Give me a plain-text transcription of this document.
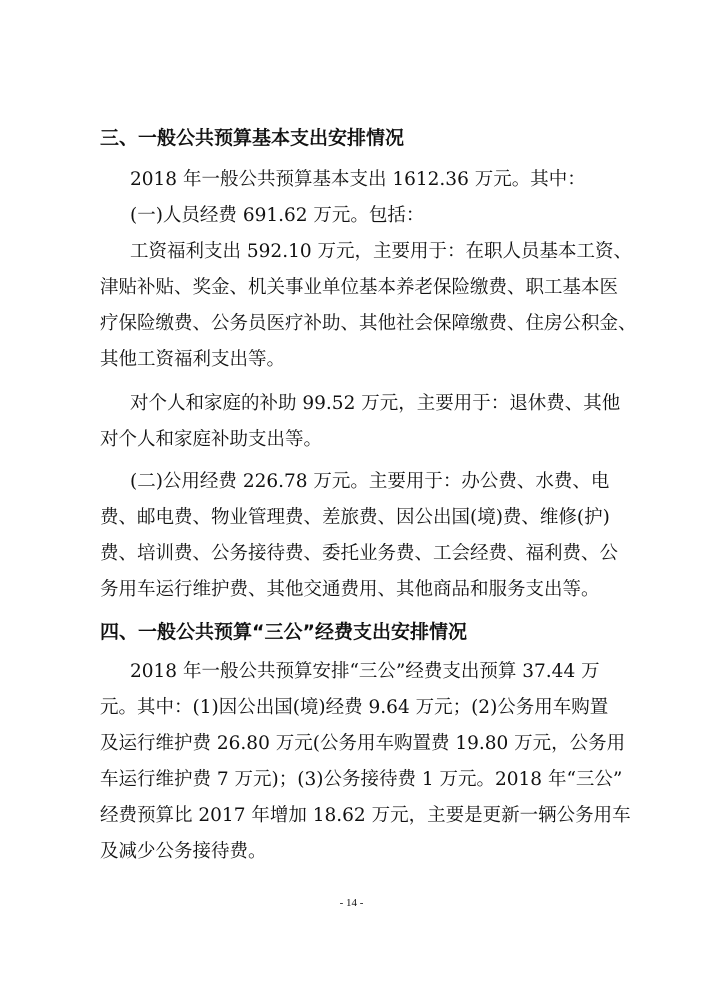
三、一般公共预算基本支出安排情况
2018 年一般公共预算基本支出 1612.36 万元。其中：
(一)人员经费 691.62 万元。包括：
工资福利支出 592.10 万元，主要用于：在职人员基本工资、
津贴补贴、奖金、机关事业单位基本养老保险缴费、职工基本医
疗保险缴费、公务员医疗补助、其他社会保障缴费、住房公积金、
其他工资福利支出等。
对个人和家庭的补助 99.52 万元，主要用于：退休费、其他
对个人和家庭补助支出等。
(二)公用经费 226.78 万元。主要用于：办公费、水费、电
费、邮电费、物业管理费、差旅费、因公出国(境)费、维修(护)
费、培训费、公务接待费、委托业务费、工会经费、福利费、公
务用车运行维护费、其他交通费用、其他商品和服务支出等。
四、一般公共预算“三公”经费支出安排情况
2018 年一般公共预算安排“三公”经费支出预算 37.44 万
元。其中：(1)因公出国(境)经费 9.64 万元；(2)公务用车购置
及运行维护费 26.80 万元(公务用车购置费 19.80 万元，公务用
车运行维护费 7 万元)；(3)公务接待费 1 万元。2018 年“三公”
经费预算比 2017 年增加 18.62 万元，主要是更新一辆公务用车
及减少公务接待费。
- 14 -
